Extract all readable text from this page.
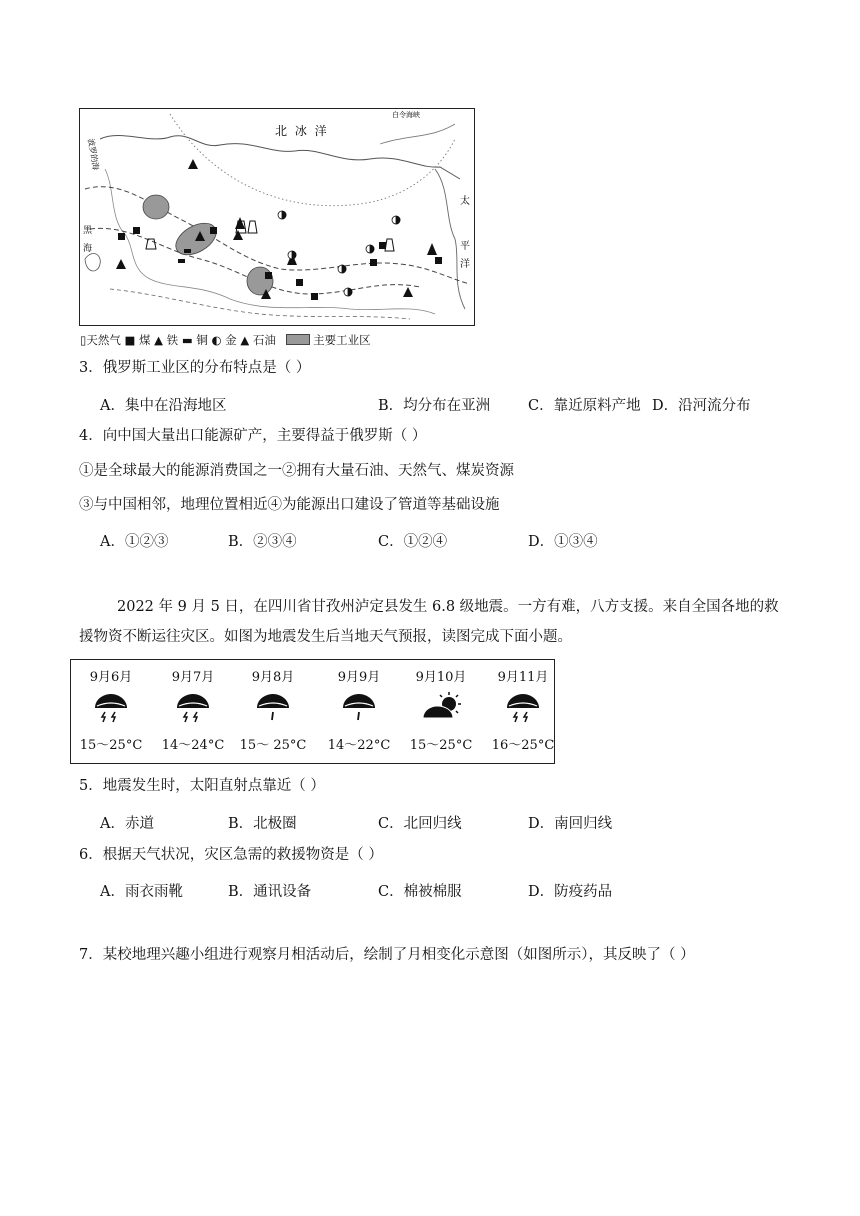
波罗的海
北 冰 洋
白令海峡
太
平
洋
黑
海
▯天然气 ■ 煤 ▲ 铁 ▬ 铜 ◐ 金 ▲ 石油	主要工业区
3．俄罗斯工业区的分布特点是（ ）
A．集中在沿海地区	B．均分布在亚洲	C．靠近原料产地 D．沿河流分布
4．向中国大量出口能源矿产，主要得益于俄罗斯（ ）
①是全球最大的能源消费国之一②拥有大量石油、天然气、煤炭资源
③与中国相邻，地理位置相近④为能源出口建设了管道等基础设施
A．①②③	B．②③④	C．①②④	D．①③④
2022 年 9 月 5 日，在四川省甘孜州泸定县发生 6.8 级地震。一方有难，八方支援。来自全国各地的救
援物资不断运往灾区。如图为地震发生后当地天气预报，读图完成下面小题。
9月6月
15～25°C
9月7月
14～24°C
9月8月
15～ 25°C
9月9月
14～22°C
9月10月
15～25°C
9月11月
16～25°C
5．地震发生时，太阳直射点靠近（ ）
A．赤道	B．北极圈	C．北回归线	D．南回归线
6．根据天气状况，灾区急需的救援物资是（ ）
A．雨衣雨靴	B．通讯设备	C．棉被棉服	D．防疫药品
7．某校地理兴趣小组进行观察月相活动后，绘制了月相变化示意图（如图所示），其反映了（ ）
